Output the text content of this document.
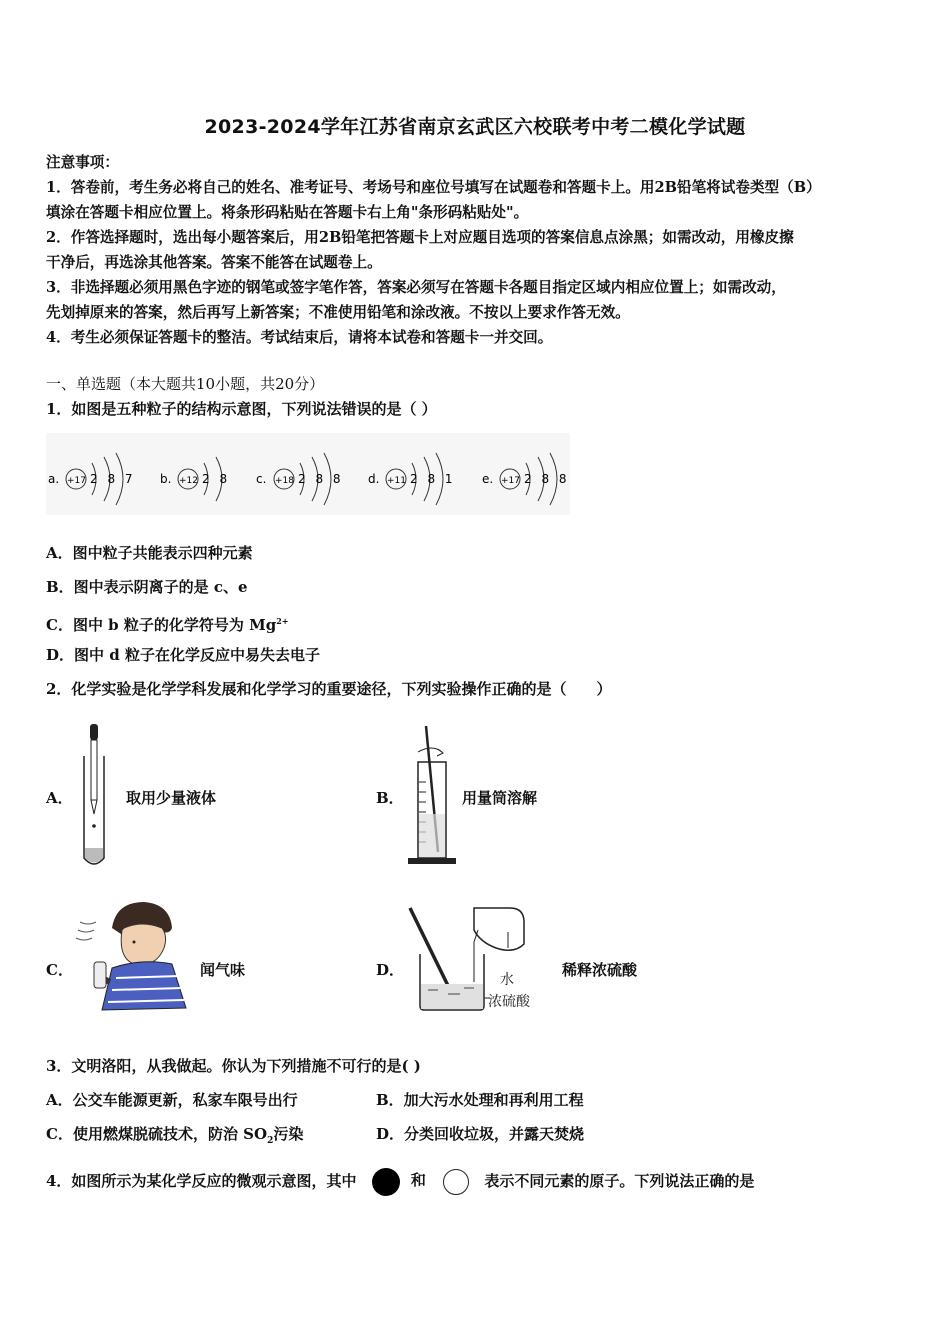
2023-2024学年江苏省南京玄武区六校联考中考二模化学试题

注意事项：

1．答卷前，考生务必将自己的姓名、准考证号、考场号和座位号填写在试题卷和答题卡上。用2B铅笔将试卷类型（B）

填涂在答题卡相应位置上。将条形码粘贴在答题卡右上角"条形码粘贴处"。

2．作答选择题时，选出每小题答案后，用2B铅笔把答题卡上对应题目选项的答案信息点涂黑；如需改动，用橡皮擦

干净后，再选涂其他答案。答案不能答在试题卷上。

3．非选择题必须用黑色字迹的钢笔或签字笔作答，答案必须写在答题卡各题目指定区域内相应位置上；如需改动，

先划掉原来的答案，然后再写上新答案；不准使用铅笔和涂改液。不按以上要求作答无效。

4．考生必须保证答题卡的整洁。考试结束后，请将本试卷和答题卡一并交回。

一、单选题（本大题共10小题，共20分）
1．如图是五种粒子的结构示意图，下列说法错误的是（ ）
a. +17 2 8 7 b. +12 2 8 c. +18 2 8 8 d. +11 2 8 1 e. +17 2 8 8
A．图中粒子共能表示四种元素
B．图中表示阴离子的是 c、e
C．图中 b 粒子的化学符号为 $Mg^{2+}$
D．图中 d 粒子在化学反应中易失去电子
2．化学实验是化学学科发展和化学学习的重要途径，下列实验操作正确的是（　　）
A．	取用少量液体	B．	用量筒溶解
C．	闻气味	D．
水
浓硫酸
稀释浓硫酸
3．文明洛阳，从我做起。你认为下列措施不可行的是( )
A．公交车能源更新，私家车限号出行	B．加大污水处理和再利用工程
C．使用燃煤脱硫技术，防治 $SO_2$污染	D．分类回收垃圾，并露天焚烧
4．如图所示为某化学反应的微观示意图，其中	和	表示不同元素的原子。下列说法正确的是
